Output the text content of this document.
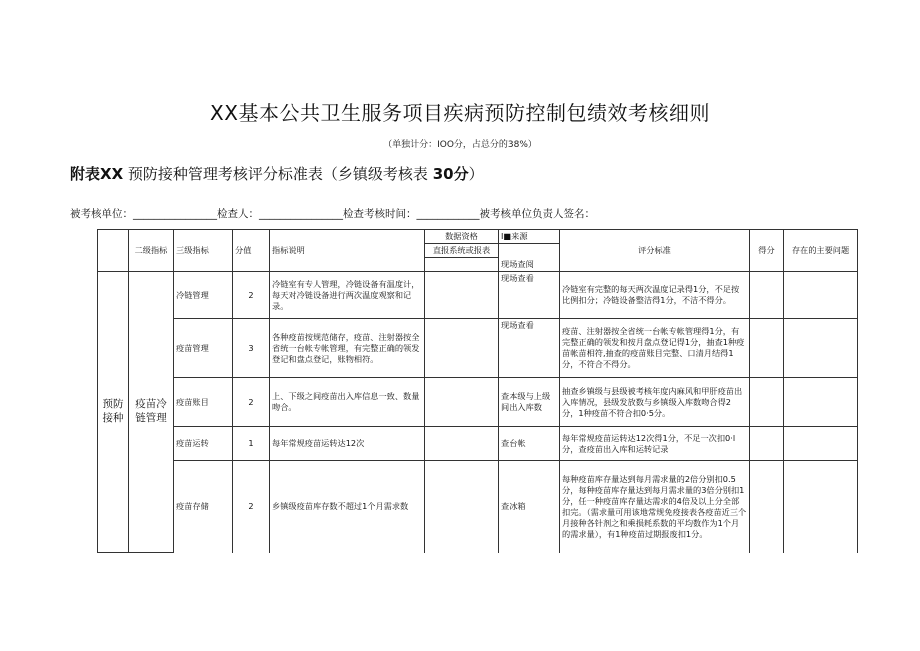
XX基本公共卫生服务项目疾病预防控制包绩效考核细则
（单独计分：IOO分，占总分的38%）
附表XX 预防接种管理考核评分标准表（乡镇级考核表 30分）
被考核单位：________________检查人：________________检查考核时间：____________被考核单位负责人签名：
	二级指标	三级指标	分值	指标说明	数据资格	I■来源	评分标准	得分	存在的主要问题
					直报系统或报表				
						现场查阅			
预防接种	疫苗冷链管理	冷链管理	2	冷链室有专人管理，冷链设备有温度计，每天对冷链设备进行两次温度观察和记录。		现场查看	冷链室有完整的每天两次温度记录得1分，不足按比例扣分；冷链设备整洁得1分，不洁不得分。		
		疫苗管理	3	各种疫苗按规范储存，疫苗、注射器按全省统一台帐专帐管理，有完整正确的领发登记和盘点登记，账物相符。		现场查看	疫苗、注射器按全省统一台帐专帐管理得1分，有完整正确的领发和按月盘点登记得1分，抽查1种疫苗帐苗相符,抽查的疫苗账目完整、口清月结得1分，不符合不得分。		
		疫苗账目	2	上、下级之间疫苗出入库信息一致、数量吻合。		查本级与上级间出入库数	抽查乡镇级与县级被考核年度内麻风和甲肝疫苗出入库情况，县级发放数与乡镇级入库数吻合得2分，1种疫苗不符合扣0·5分。		
		疫苗运转	1	每年常规疫苗运转达12次		查台帐	每年常规疫苗运转达12次得1分，不足一次扣0·l分，查疫苗出入库和运转记录		
		疫苗存储	2	乡镇级疫苗库存数不超过1个月需求数		查冰箱	每种疫苗库存量达到每月需求量的2倍分别扣0.5分，每种疫苗库存量达到每月需求量的3倍分别扣1分，任一种疫苗库存量达需求的4倍及以上分全部扣完。（需求量可用该地常规免疫接表各疫苗近三个月接种各针剂之和乘损耗系数的平均数作为1个月的需求量），有1种疫苗过期报废扣1分。		
